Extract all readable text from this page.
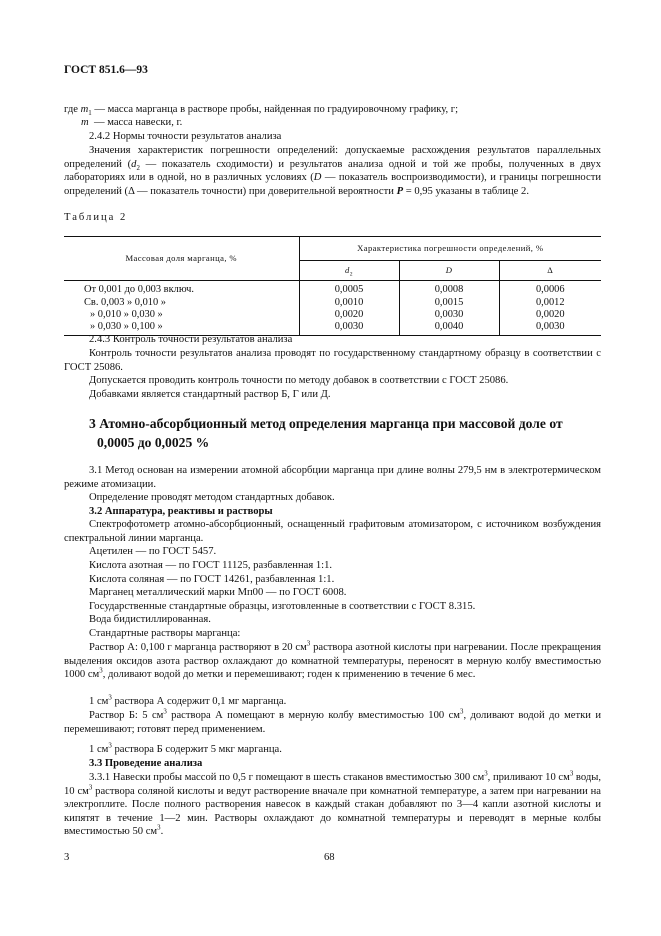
ГОСТ 851.6—93
где $m_1$ — масса марганца в растворе пробы, найденная по градуировочному графику, г;
m — масса навески, г.
2.4.2 Нормы точности результатов анализа
Значения характеристик погрешности определений: допускаемые расхождения результатов параллельных определений ($d_2$ — показатель сходимости) и результатов анализа одной и той же пробы, полученных в двух лабораториях или в одной, но в различных условиях (D — показатель воспроизводимости), и границы погрешности определений (Δ — показатель точности) при доверительной вероятности P = 0,95 указаны в таблице 2.
Таблица 2
Массовая доля марганца, %	Характеристика погрешности определений, %		
	$d_2$	D	Δ
От 0,001 до 0,003 включ.	0,0005	0,0008	0,0006
Св. 0,003 » 0,010 »	0,0010	0,0015	0,0012
» 0,010 » 0,030 »	0,0020	0,0030	0,0020
» 0,030 » 0,100 »	0,0030	0,0040	0,0030
2.4.3 Контроль точности результатов анализа
Контроль точности результатов анализа проводят по государственному стандартному образцу в соответствии с ГОСТ 25086.
Допускается проводить контроль точности по методу добавок в соответствии с ГОСТ 25086.
Добавками является стандартный раствор Б, Г или Д.
3 Атомно-абсорбционный метод определения марганца при массовой доле от
0,0005 до 0,0025 %
3.1 Метод основан на измерении атомной абсорбции марганца при длине волны 279,5 нм в электротермическом режиме атомизации.
Определение проводят методом стандартных добавок.
3.2 Аппаратура, реактивы и растворы
Спектрофотометр атомно-абсорбционный, оснащенный графитовым атомизатором, с источником возбуждения спектральной линии марганца.
Ацетилен — по ГОСТ 5457.
Кислота азотная — по ГОСТ 11125, разбавленная 1:1.
Кислота соляная — по ГОСТ 14261, разбавленная 1:1.
Марганец металлический марки Мп00 — по ГОСТ 6008.
Государственные стандартные образцы, изготовленные в соответствии с ГОСТ 8.315.
Вода бидистиллированная.
Стандартные растворы марганца:
Раствор А: 0,100 г марганца растворяют в 20 $см^3$ раствора азотной кислоты при нагревании. После прекращения выделения оксидов азота раствор охлаждают до комнатной температуры, переносят в мерную колбу вместимостью 1000 $см^3$, доливают водой до метки и перемешивают; годен к применению в течение 6 мес.
1 $см^3$ раствора А содержит 0,1 мг марганца.
Раствор Б: 5 $см^3$ раствора А помещают в мерную колбу вместимостью 100 $см^3$, доливают водой до метки и перемешивают; готовят перед применением.
1 $см^3$ раствора Б содержит 5 мкг марганца.
3.3 Проведение анализа
3.3.1 Навески пробы массой по 0,5 г помещают в шесть стаканов вместимостью 300 $см^3$, приливают 10 $см^3$ воды, 10 $см^3$ раствора соляной кислоты и ведут растворение вначале при комнатной температуре, а затем при нагревании на электроплите. После полного растворения навесок в каждый стакан добавляют по 3—4 капли азотной кислоты и кипятят в течение 1—2 мин. Растворы охлаждают до комнатной температуры и переводят в мерные колбы вместимостью 50 $см^3$.
3	68
